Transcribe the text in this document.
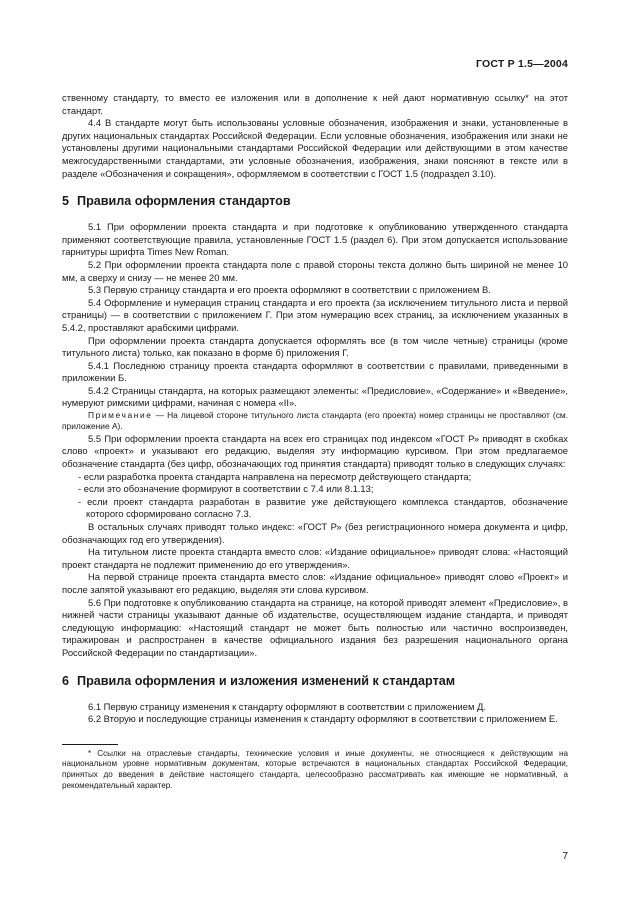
ГОСТ Р 1.5—2004

ственному стандарту, то вместо ее изложения или в дополнение к ней дают нормативную ссылку* на этот стандарт.

4.4 В стандарте могут быть использованы условные обозначения, изображения и знаки, установленные в других национальных стандартах Российской Федерации. Если условные обозначения, изображения или знаки не установлены другими национальными стандартами Российской Федерации или действующими в этом качестве межгосударственными стандартами, эти условные обозначения, изображения, знаки поясняют в тексте или в разделе «Обозначения и сокращения», оформляемом в соответствии с ГОСТ 1.5 (подраздел 3.10).

5 Правила оформления стандартов

5.1 При оформлении проекта стандарта и при подготовке к опубликованию утвержденного стандарта применяют соответствующие правила, установленные ГОСТ 1.5 (раздел 6). При этом допускается использование гарнитуры шрифта Times New Roman.

5.2 При оформлении проекта стандарта поле с правой стороны текста должно быть шириной не менее 10 мм, а сверху и снизу — не менее 20 мм.

5.3 Первую страницу стандарта и его проекта оформляют в соответствии с приложением В.

5.4 Оформление и нумерация страниц стандарта и его проекта (за исключением титульного листа и первой страницы) — в соответствии с приложением Г. При этом нумерацию всех страниц, за исключением указанных в 5.4.2, проставляют арабскими цифрами.

При оформлении проекта стандарта допускается оформлять все (в том числе четные) страницы (кроме титульного листа) только, как показано в форме б) приложения Г.

5.4.1 Последнюю страницу проекта стандарта оформляют в соответствии с правилами, приведенными в приложении Б.

5.4.2 Страницы стандарта, на которых размещают элементы: «Предисловие», «Содержание» и «Введение», нумеруют римскими цифрами, начиная с номера «II».

Примечание — На лицевой стороне титульного листа стандарта (его проекта) номер страницы не проставляют (см. приложение А).

5.5 При оформлении проекта стандарта на всех его страницах под индексом «ГОСТ Р» приводят в скобках слово «проект» и указывают его редакцию, выделяя эту информацию курсивом. При этом предлагаемое обозначение стандарта (без цифр, обозначающих год принятия стандарта) приводят только в следующих случаях:

- если разработка проекта стандарта направлена на пересмотр действующего стандарта;

- если это обозначение формируют в соответствии с 7.4 или 8.1.13;

- если проект стандарта разработан в развитие уже действующего комплекса стандартов, обозначение которого сформировано согласно 7.3.

В остальных случаях приводят только индекс: «ГОСТ Р» (без регистрационного номера документа и цифр, обозначающих год его утверждения).

На титульном листе проекта стандарта вместо слов: «Издание официальное» приводят слова: «Настоящий проект стандарта не подлежит применению до его утверждения».

На первой странице проекта стандарта вместо слов: «Издание официальное» приводят слово «Проект» и после запятой указывают его редакцию, выделяя эти слова курсивом.

5.6 При подготовке к опубликованию стандарта на странице, на которой приводят элемент «Предисловие», в нижней части страницы указывают данные об издательстве, осуществляющем издание стандарта, и приводят следующую информацию: «Настоящий стандарт не может быть полностью или частично воспроизведен, тиражирован и распространен в качестве официального издания без разрешения национального органа Российской Федерации по стандартизации».

6 Правила оформления и изложения изменений к стандартам

6.1 Первую страницу изменения к стандарту оформляют в соответствии с приложением Д.

6.2 Вторую и последующие страницы изменения к стандарту оформляют в соответствии с приложением Е.

* Ссылки на отраслевые стандарты, технические условия и иные документы, не относящиеся к действующим на национальном уровне нормативным документам, которые встречаются в национальных стандартах Российской Федерации, принятых до введения в действие настоящего стандарта, целесообразно рассматривать как имеющие не нормативный, а рекомендательный характер.

7
